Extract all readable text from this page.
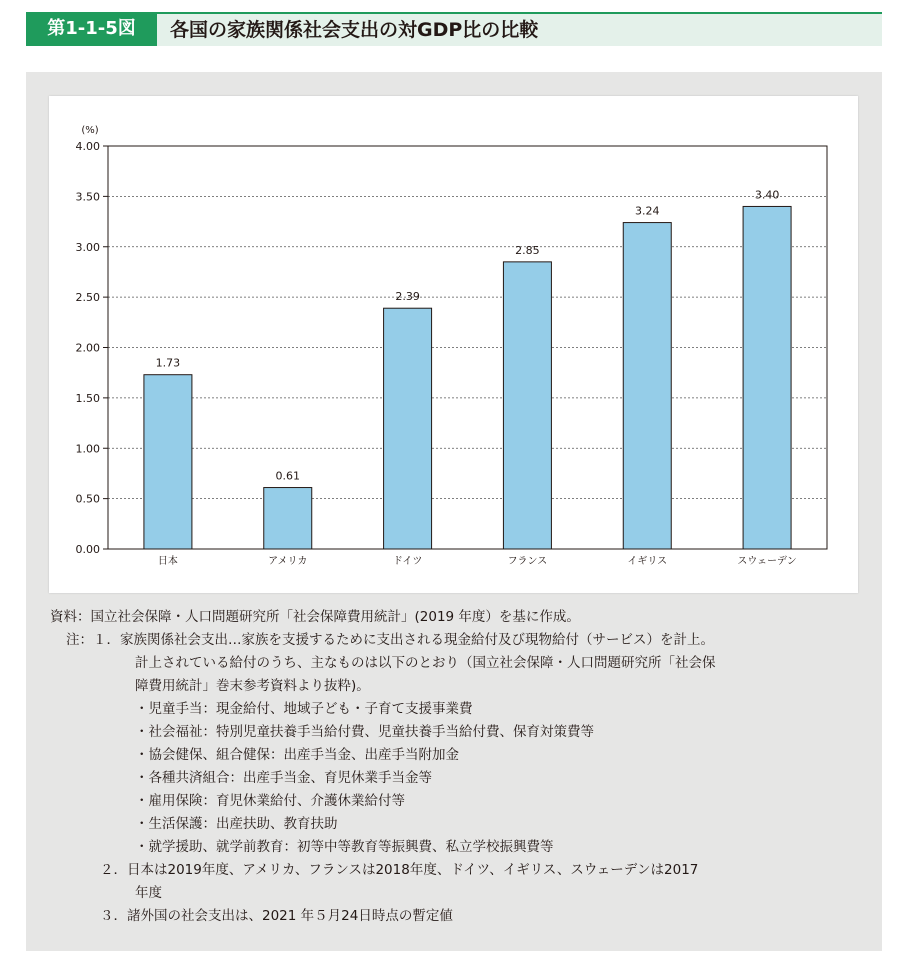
第1-1-5図	各国の家族関係社会支出の対GDP比の比較
0.00
0.50
1.00
1.50
2.00
2.50
3.00
3.50
4.00
(%)
1.73
日本
0.61
アメリカ
2.39
ドイツ
2.85
フランス
3.24
イギリス
3.40
スウェーデン
資料：国立社会保障・人口問題研究所「社会保障費用統計」(2019 年度）を基に作成。
注：１．家族関係社会支出…家族を支援するために支出される現金給付及び現物給付（サービス）を計上。
計上されている給付のうち、主なものは以下のとおり（国立社会保障・人口問題研究所「社会保
障費用統計」巻末参考資料より抜粋)。
・児童手当：現金給付、地域子ども・子育て支援事業費
・社会福祉：特別児童扶養手当給付費、児童扶養手当給付費、保育対策費等
・協会健保、組合健保：出産手当金、出産手当附加金
・各種共済組合：出産手当金、育児休業手当金等
・雇用保険：育児休業給付、介護休業給付等
・生活保護：出産扶助、教育扶助
・就学援助、就学前教育：初等中等教育等振興費、私立学校振興費等
２．日本は2019年度、アメリカ、フランスは2018年度、ドイツ、イギリス、スウェーデンは2017
年度
３．諸外国の社会支出は、2021 年５月24日時点の暫定値
